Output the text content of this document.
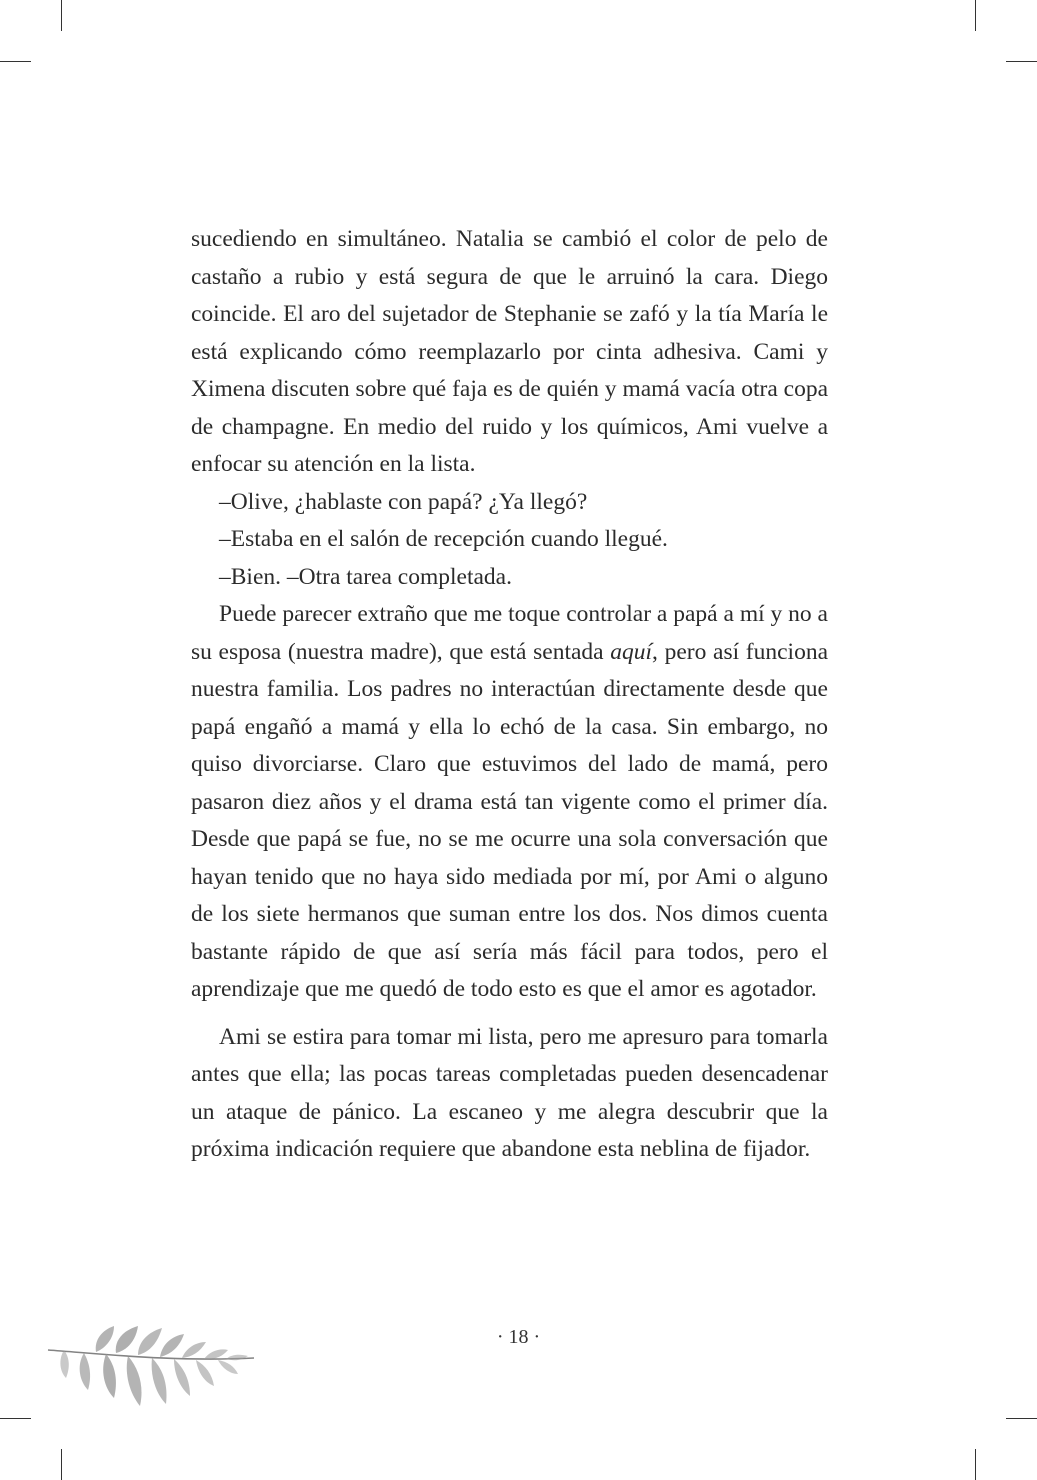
sucediendo en simultáneo. Natalia se cambió el color de pelo de castaño a rubio y está segura de que le arruinó la cara. Diego coincide. El aro del sujetador de Stephanie se zafó y la tía María le está explicando cómo reemplazarlo por cinta adhesiva. Cami y Ximena discuten sobre qué faja es de quién y mamá vacía otra copa de champagne. En medio del ruido y los químicos, Ami vuelve a enfocar su atención en la lista.

–Olive, ¿hablaste con papá? ¿Ya llegó?

–Estaba en el salón de recepción cuando llegué.

–Bien. –Otra tarea completada.

Puede parecer extraño que me toque controlar a papá a mí y no a su esposa (nuestra madre), que está sentada aquí, pero así funciona nuestra familia. Los padres no interactúan directamente desde que papá engañó a mamá y ella lo echó de la casa. Sin embargo, no quiso divorciarse. Claro que estuvimos del lado de mamá, pero pasaron diez años y el drama está tan vigente como el primer día. Desde que papá se fue, no se me ocurre una sola conversación que hayan tenido que no haya sido mediada por mí, por Ami o alguno de los siete hermanos que suman entre los dos. Nos dimos cuenta bastante rápido de que así sería más fácil para todos, pero el aprendizaje que me quedó de todo esto es que el amor es agotador.

Ami se estira para tomar mi lista, pero me apresuro para tomarla antes que ella; las pocas tareas completadas pueden desencadenar un ataque de pánico. La escaneo y me alegra descubrir que la próxima indicación requiere que abandone esta neblina de fijador.

· 18 ·
